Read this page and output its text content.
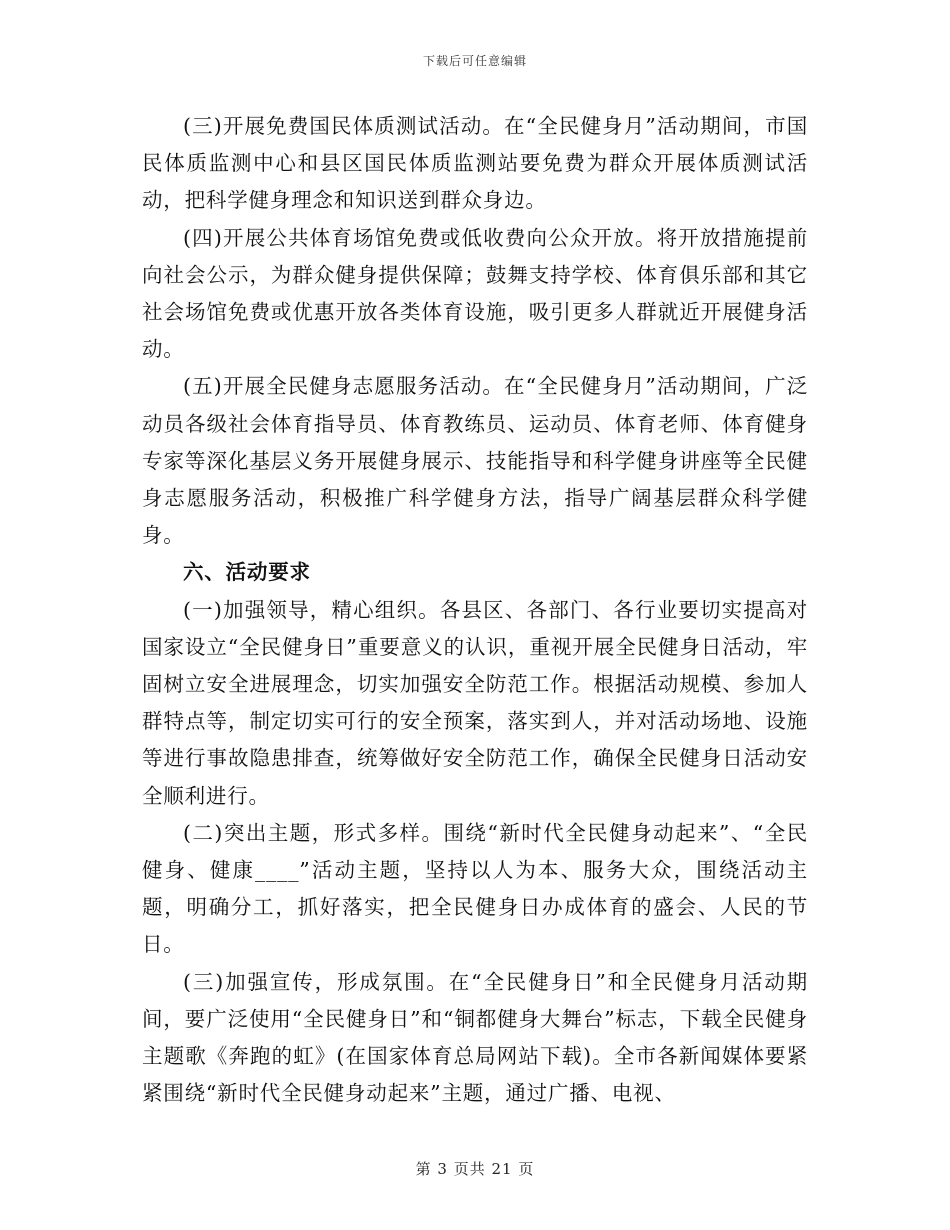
下载后可任意编辑

(三)开展免费国民体质测试活动。在“全民健身月”活动期间，市国民体质监测中心和县区国民体质监测站要免费为群众开展体质测试活动，把科学健身理念和知识送到群众身边。

(四)开展公共体育场馆免费或低收费向公众开放。将开放措施提前向社会公示，为群众健身提供保障；鼓舞支持学校、体育俱乐部和其它社会场馆免费或优惠开放各类体育设施，吸引更多人群就近开展健身活动。

(五)开展全民健身志愿服务活动。在“全民健身月”活动期间，广泛动员各级社会体育指导员、体育教练员、运动员、体育老师、体育健身专家等深化基层义务开展健身展示、技能指导和科学健身讲座等全民健身志愿服务活动，积极推广科学健身方法，指导广阔基层群众科学健身。

六、活动要求

(一)加强领导，精心组织。各县区、各部门、各行业要切实提高对国家设立“全民健身日”重要意义的认识，重视开展全民健身日活动，牢固树立安全进展理念，切实加强安全防范工作。根据活动规模、参加人群特点等，制定切实可行的安全预案，落实到人，并对活动场地、设施等进行事故隐患排查，统筹做好安全防范工作，确保全民健身日活动安全顺利进行。

(二)突出主题，形式多样。围绕“新时代全民健身动起来”、“全民健身、健康____”活动主题，坚持以人为本、服务大众，围绕活动主题，明确分工，抓好落实，把全民健身日办成体育的盛会、人民的节日。

(三)加强宣传，形成氛围。在“全民健身日”和全民健身月活动期间，要广泛使用“全民健身日”和“铜都健身大舞台”标志，下载全民健身主题歌《奔跑的虹》(在国家体育总局网站下载)。全市各新闻媒体要紧紧围绕“新时代全民健身动起来”主题，通过广播、电视、

第 3 页共 21 页
